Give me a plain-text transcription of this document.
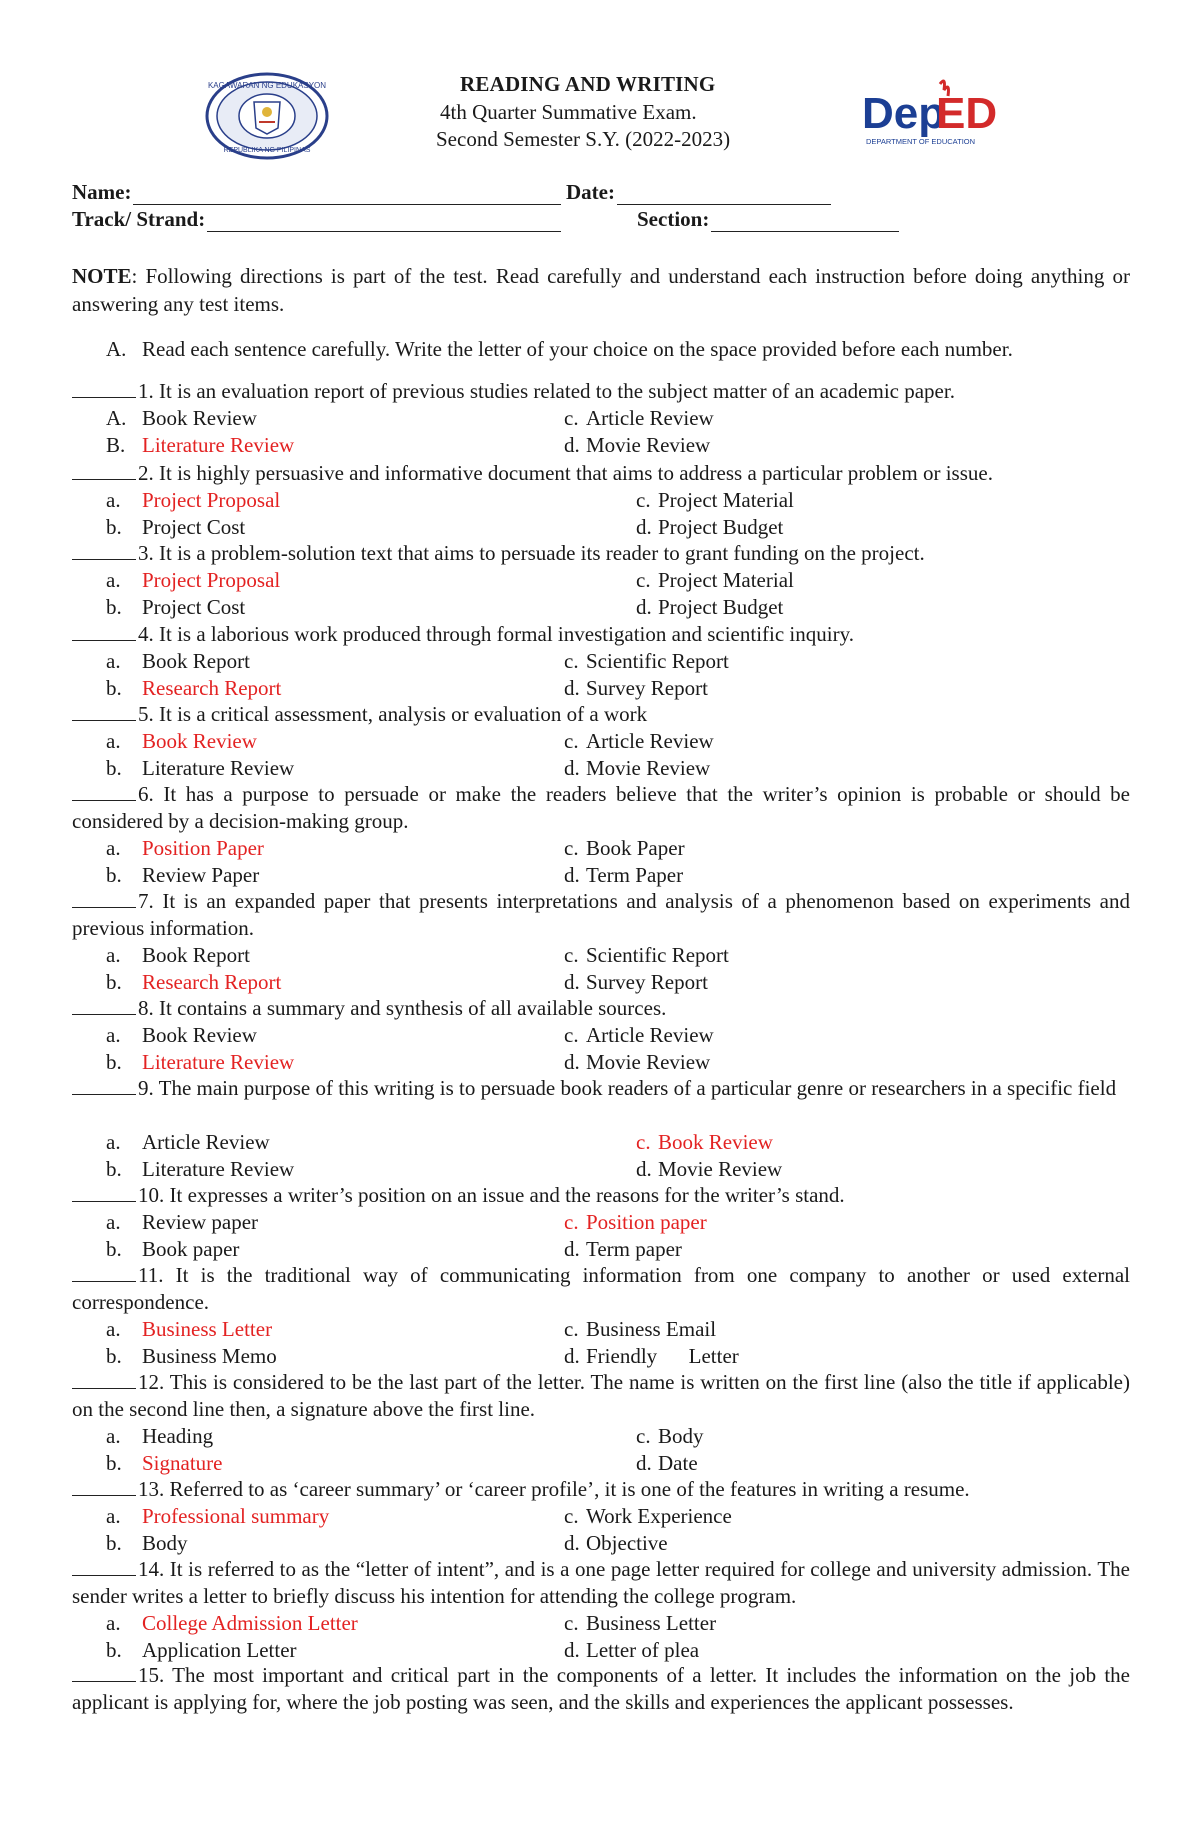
KAGAWARAN NG EDUKASYON
REPUBLIKA NG PILIPINAS
READING AND WRITING
4th Quarter Summative Exam.
Second Semester S.Y. (2022-2023)
Dep
ED
DEPARTMENT OF EDUCATION
Name:	Date:
Track/ Strand:	Section:
NOTE: Following directions is part of the test. Read carefully and understand each instruction before doing anything or answering any test items.
A. Read each sentence carefully. Write the letter of your choice on the space provided before each number.
1. It is an evaluation report of previous studies related to the subject matter of an academic paper.
A. Book Review	c. Article Review
B. Literature Review	d. Movie Review
2. It is highly persuasive and informative document that aims to address a particular problem or issue.
a. Project Proposal	c. Project Material
b. Project Cost	d. Project Budget
3. It is a problem-solution text that aims to persuade its reader to grant funding on the project.
a. Project Proposal	c. Project Material
b. Project Cost	d. Project Budget
4. It is a laborious work produced through formal investigation and scientific inquiry.
a. Book Report	c. Scientific Report
b. Research Report	d. Survey Report
5. It is a critical assessment, analysis or evaluation of a work
a. Book Review	c. Article Review
b. Literature Review	d. Movie Review
6. It has a purpose to persuade or make the readers believe that the writer’s opinion is probable or should be considered by a decision-making group.
a. Position Paper	c. Book Paper
b. Review Paper	d. Term Paper
7. It is an expanded paper that presents interpretations and analysis of a phenomenon based on experiments and previous information.
a. Book Report	c. Scientific Report
b. Research Report	d. Survey Report
8. It contains a summary and synthesis of all available sources.
a. Book Review	c. Article Review
b. Literature Review	d. Movie Review
9. The main purpose of this writing is to persuade book readers of a particular genre or researchers in a specific field
a. Article Review	c. Book Review
b. Literature Review	d. Movie Review
10. It expresses a writer’s position on an issue and the reasons for the writer’s stand.
a. Review paper	c. Position paper
b. Book paper	d. Term paper
11. It is the traditional way of communicating information from one company to another or used external correspondence.
a. Business Letter	c. Business Email
b. Business Memo	d. Friendly      Letter
12. This is considered to be the last part of the letter. The name is written on the first line (also the title if applicable) on the second line then, a signature above the first line.
a. Heading	c. Body
b. Signature	d. Date
13. Referred to as ‘career summary’ or ‘career profile’, it is one of the features in writing a resume.
a. Professional summary	c. Work Experience
b. Body	d. Objective
14. It is referred to as the “letter of intent”, and is a one page letter required for college and university admission. The sender writes a letter to briefly discuss his intention for attending the college program.
a. College Admission Letter	c. Business Letter
b. Application Letter	d. Letter of plea
15. The most important and critical part in the components of a letter. It includes the information on the job the applicant is applying for, where the job posting was seen, and the skills and experiences the applicant possesses.
